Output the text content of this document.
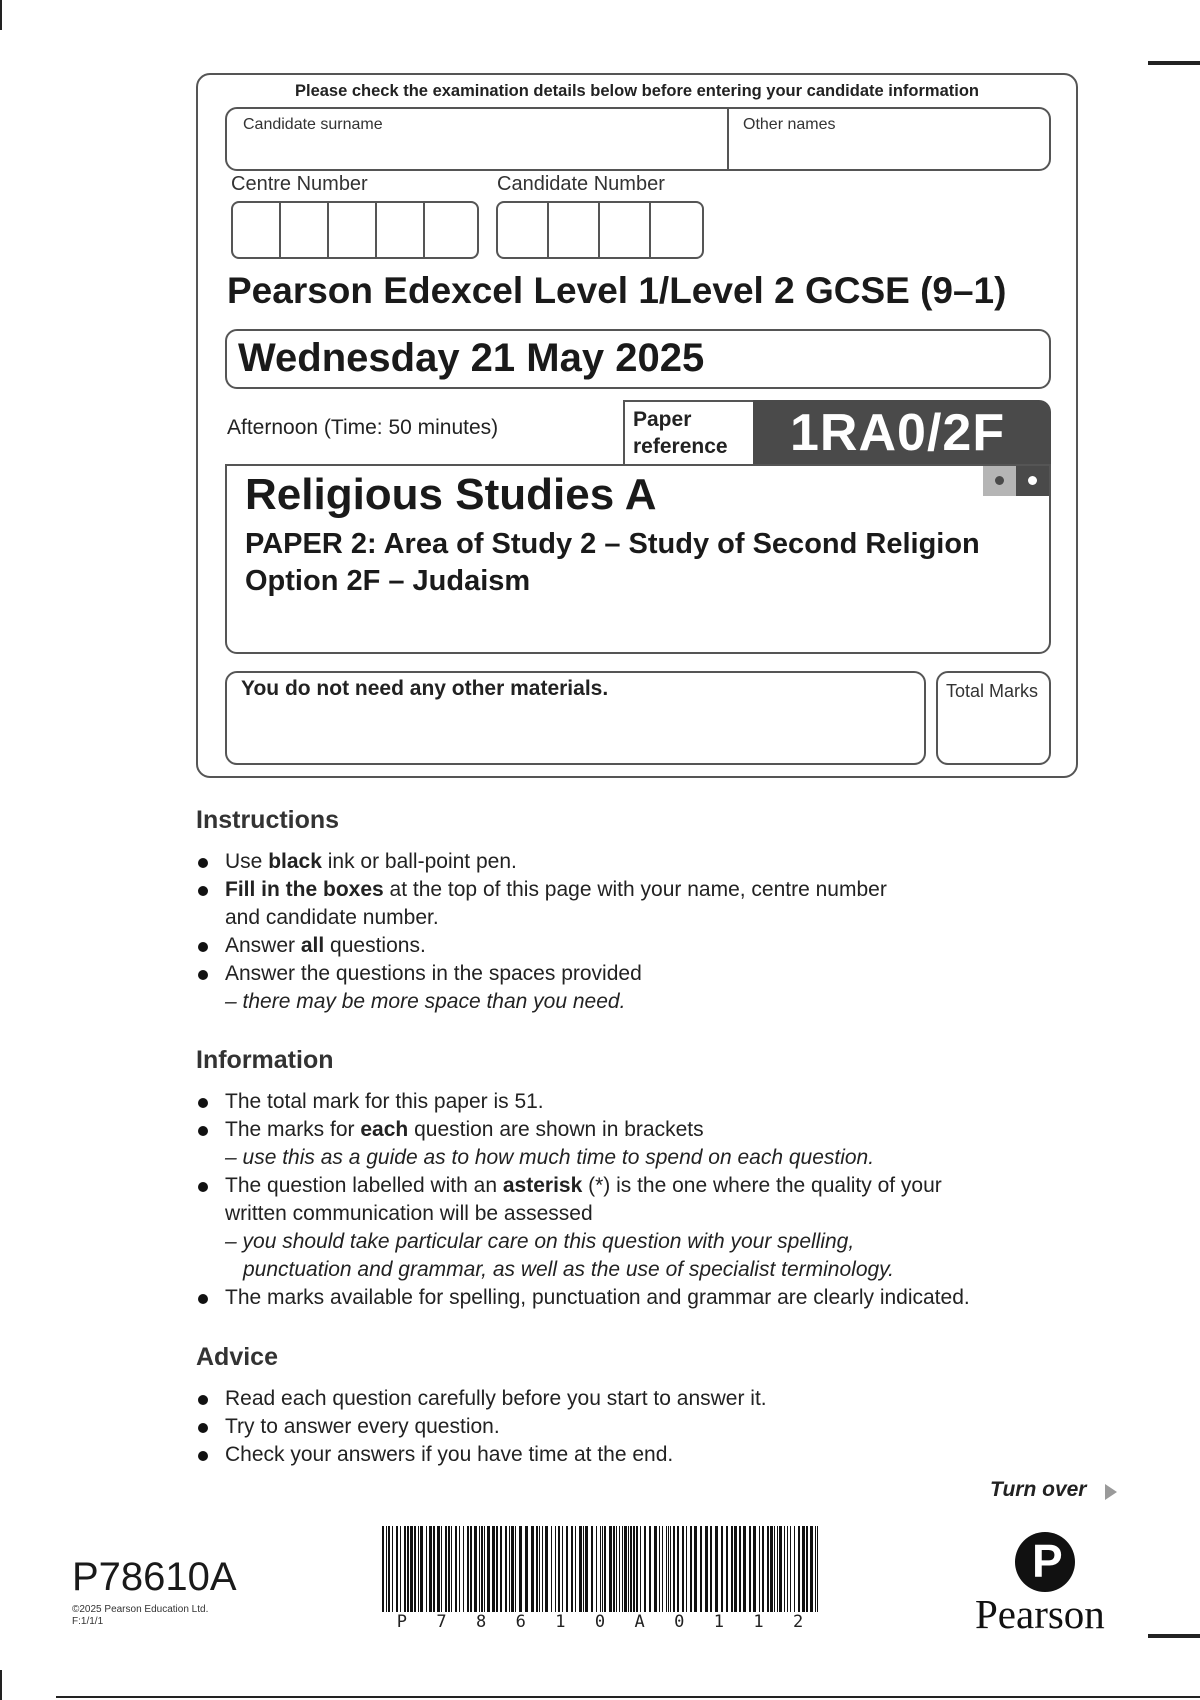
Please check the examination details below before entering your candidate information
Candidate surname	Other names
Centre Number	Candidate Number
Pearson Edexcel Level 1/Level 2 GCSE (9–1)
Wednesday 21 May 2025
Afternoon (Time: 50 minutes)	Paper
reference 1RA0/2F
Religious Studies A
PAPER 2: Area of Study 2 – Study of Second Religion
Option 2F – Judaism
You do not need any other materials.	Total Marks
Instructions
Use black ink or ball-point pen.
Fill in the boxes at the top of this page with your name, centre number
and candidate number.
Answer all questions.
Answer the questions in the spaces provided
– there may be more space than you need.
Information
The total mark for this paper is 51.
The marks for each question are shown in brackets
– use this as a guide as to how much time to spend on each question.
The question labelled with an asterisk (*) is the one where the quality of your
written communication will be assessed
– you should take particular care on this question with your spelling,
punctuation and grammar, as well as the use of specialist terminology.
The marks available for spelling, punctuation and grammar are clearly indicated.
Advice
Read each question carefully before you start to answer it.
Try to answer every question.
Check your answers if you have time at the end.
Turn over
P78610A
©2025 Pearson Education Ltd.
F:1/1/1	P 7 8 6 1 0 A 0 1 1 2
P
Pearson
